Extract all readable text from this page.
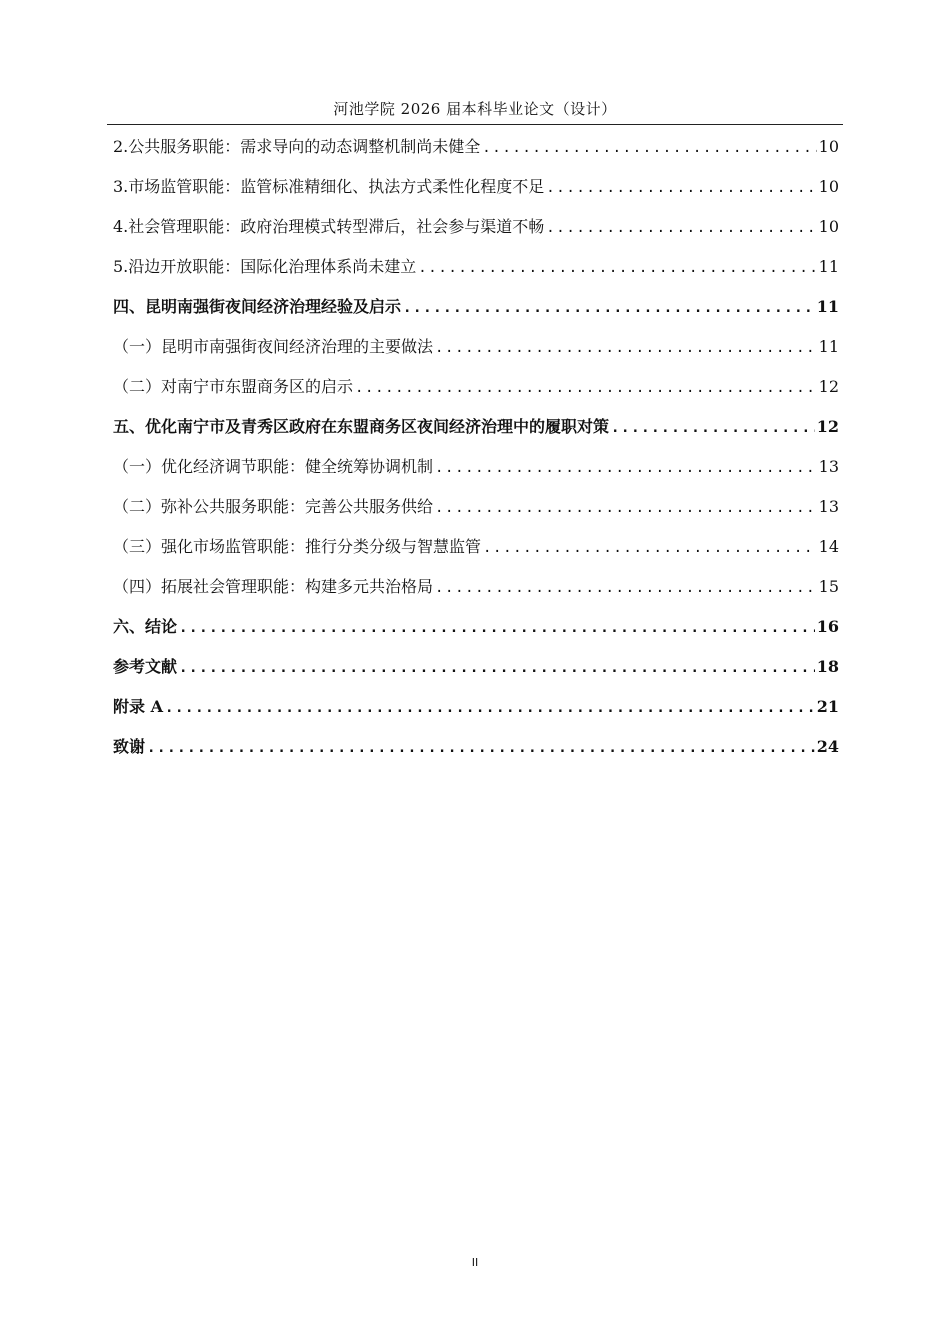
河池学院 2026 届本科毕业论文（设计）
2. 公共服务职能：需求导向的动态调整机制尚未健全 .....	10
3. 市场监管职能：监管标准精细化、执法方式柔性化程度不足 .....	10
4. 社会管理职能：政府治理模式转型滞后，社会参与渠道不畅 .....	10
5. 沿边开放职能：国际化治理体系尚未建立 .....	11
四、 昆明南强街夜间经济治理经验及启示 .....	11
（一） 昆明市南强街夜间经济治理的主要做法 .....	11
（二） 对南宁市东盟商务区的启示 .....	12
五、 优化南宁市及青秀区政府在东盟商务区夜间经济治理中的履职对策 .....	12
（一） 优化经济调节职能：健全统筹协调机制 .....	13
（二） 弥补公共服务职能：完善公共服务供给 .....	13
（三） 强化市场监管职能：推行分类分级与智慧监管 .....	14
（四） 拓展社会管理职能：构建多元共治格局 .....	15
六、 结论 .....	16
参考文献 .....	18
附录 A .....	21
致谢 .....	24
II
